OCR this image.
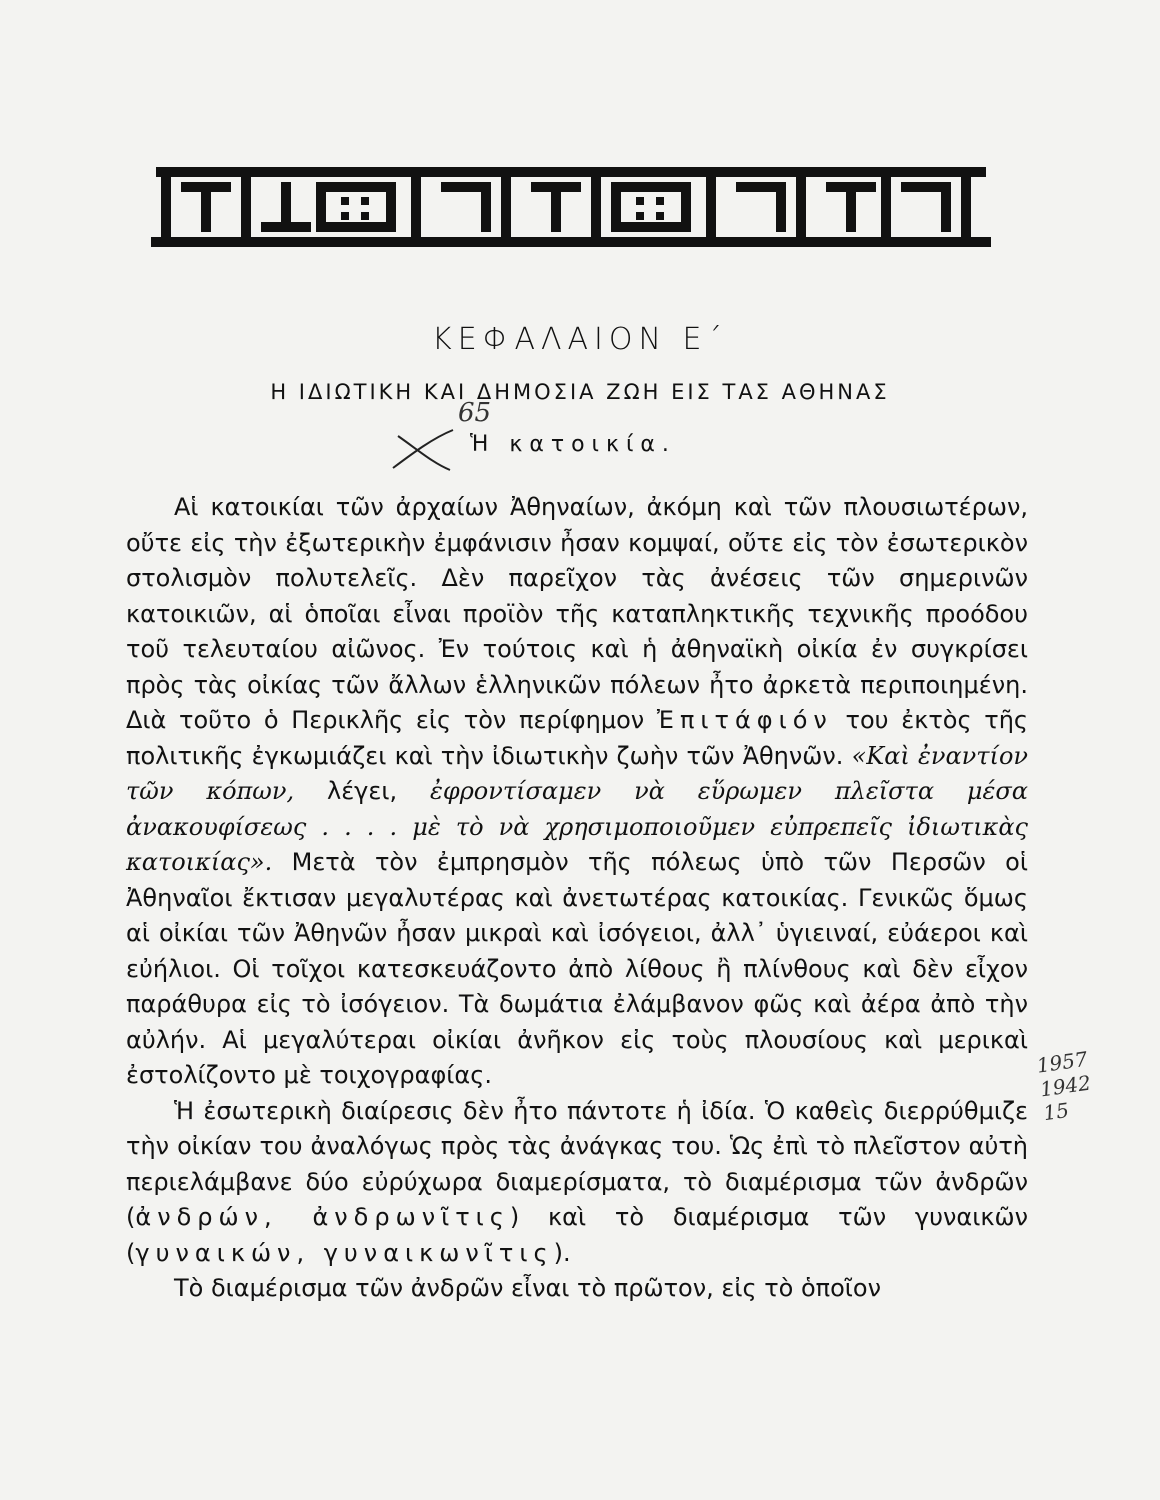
ΚΕΦΑΛΑΙΟΝ Ε΄
Η ΙΔΙΩΤΙΚΗ ΚΑΙ ΔΗΜΟΣΙΑ ΖΩΗ ΕΙΣ ΤΑΣ ΑΘΗΝΑΣ
65
Ἡ κατοικία.

Αἱ κατοικίαι τῶν ἀρχαίων Ἀθηναίων, ἀκόμη καὶ τῶν πλουσιωτέρων, οὔτε εἰς τὴν ἐξωτερικὴν ἐμφάνισιν ἦσαν κομψαί, οὔτε εἰς τὸν ἐσωτερικὸν στολισμὸν πολυτελεῖς. Δὲν παρεῖχον τὰς ἀνέσεις τῶν σημερινῶν κατοικιῶν, αἱ ὁποῖαι εἶναι προϊὸν τῆς καταπληκτικῆς τεχνικῆς προόδου τοῦ τελευταίου αἰῶνος. Ἐν τούτοις καὶ ἡ ἀθηναϊκὴ οἰκία ἐν συγκρίσει πρὸς τὰς οἰκίας τῶν ἄλλων ἑλληνικῶν πόλεων ἦτο ἀρκετὰ περιποιημένη. Διὰ τοῦτο ὁ Περικλῆς εἰς τὸν περίφημον Ἐπιτάφιόν του ἐκτὸς τῆς πολιτικῆς ἐγκωμιάζει καὶ τὴν ἰδιωτικὴν ζωὴν τῶν Ἀθηνῶν. «Καὶ ἐναντίον τῶν κόπων, λέγει, ἐφροντίσαμεν νὰ εὕρωμεν πλεῖστα μέσα ἀνακουφίσεως . . . . μὲ τὸ νὰ χρησιμοποιοῦμεν εὐπρεπεῖς ἰδιωτικὰς κατοικίας». Μετὰ τὸν ἐμπρησμὸν τῆς πόλεως ὑπὸ τῶν Περσῶν οἱ Ἀθηναῖοι ἔκτισαν μεγαλυτέρας καὶ ἀνετωτέρας κατοικίας. Γενικῶς ὅμως αἱ οἰκίαι τῶν Ἀθηνῶν ἦσαν μικραὶ καὶ ἰσόγειοι, ἀλλ᾽ ὑγιειναί, εὐάεροι καὶ εὐήλιοι. Οἱ τοῖχοι κατεσκευάζοντο ἀπὸ λίθους ἢ πλίνθους καὶ δὲν εἶχον παράθυρα εἰς τὸ ἰσόγειον. Τὰ δωμάτια ἐλάμβανον φῶς καὶ ἀέρα ἀπὸ τὴν αὐλήν. Αἱ μεγαλύτεραι οἰκίαι ἀνῆκον εἰς τοὺς πλουσίους καὶ μερικαὶ ἐστολίζοντο μὲ τοιχογραφίας.

Ἡ ἐσωτερικὴ διαίρεσις δὲν ἦτο πάντοτε ἡ ἰδία. Ὁ καθεὶς διερρύθμιζε τὴν οἰκίαν του ἀναλόγως πρὸς τὰς ἀνάγκας του. Ὡς ἐπὶ τὸ πλεῖστον αὐτὴ περιελάμβανε δύο εὐρύχωρα διαμερίσματα, τὸ διαμέρισμα τῶν ἀνδρῶν (ἀνδρών, ἀνδρωνῖτις) καὶ τὸ διαμέρισμα τῶν γυναικῶν (γυναικών, γυναικωνῖτις).

Τὸ διαμέρισμα τῶν ἀνδρῶν εἶναι τὸ πρῶτον, εἰς τὸ ὁποῖον

1957
1942
15
